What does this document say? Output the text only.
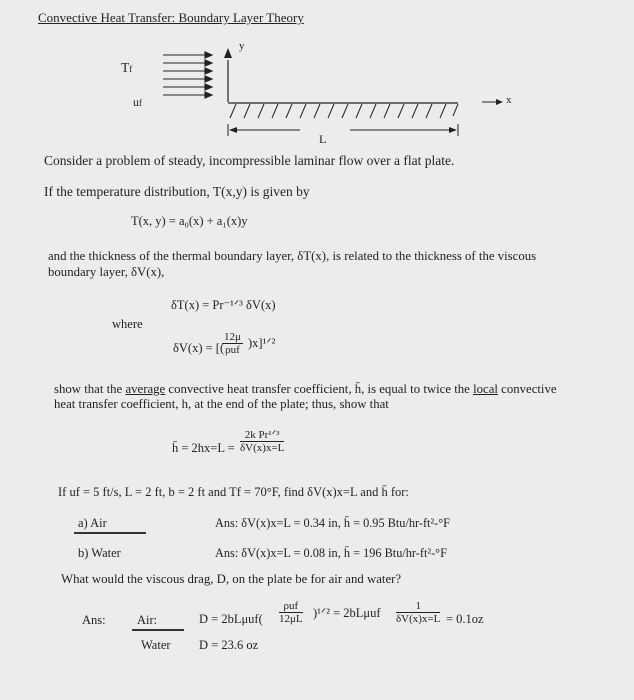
Convective Heat Transfer: Boundary Layer Theory
Tf
uf
y
x
L
Consider a problem of steady, incompressible laminar flow over a flat plate.
If the temperature distribution, T(x,y) is given by
T(x, y) = a₀(x) + a₁(x)y
and the thickness of the thermal boundary layer, δT(x), is related to the thickness of the viscous
boundary layer, δV(x),
δT(x) = Pr⁻¹ᐟ³ δV(x)
where
δV(x) = [(
12μ
ρuf )x]¹ᐟ²
show that the average convective heat transfer coefficient, h̄, is equal to twice the local convective
heat transfer coefficient, h, at the end of the plate; thus, show that
h̄ = 2hx=L =
2k Pr¹ᐟ³
δV(x)x=L
If uf = 5 ft/s, L = 2 ft, b = 2 ft and Tf = 70°F, find δV(x)x=L and h̄ for:
a) Air	Ans: δV(x)x=L = 0.34 in, h̄ = 0.95 Btu/hr-ft²-°F
b) Water	Ans: δV(x)x=L = 0.08 in, h̄ = 196 Btu/hr-ft²-°F
What would the viscous drag, D, on the plate be for air and water?
Ans:	Air:	D = 2bLμuf(
ρuf
12μL )¹ᐟ² = $2bL\mu uf \frac{1}{\delta V(x)x=L} = 0.1oz$
Water D = 23.6 oz
